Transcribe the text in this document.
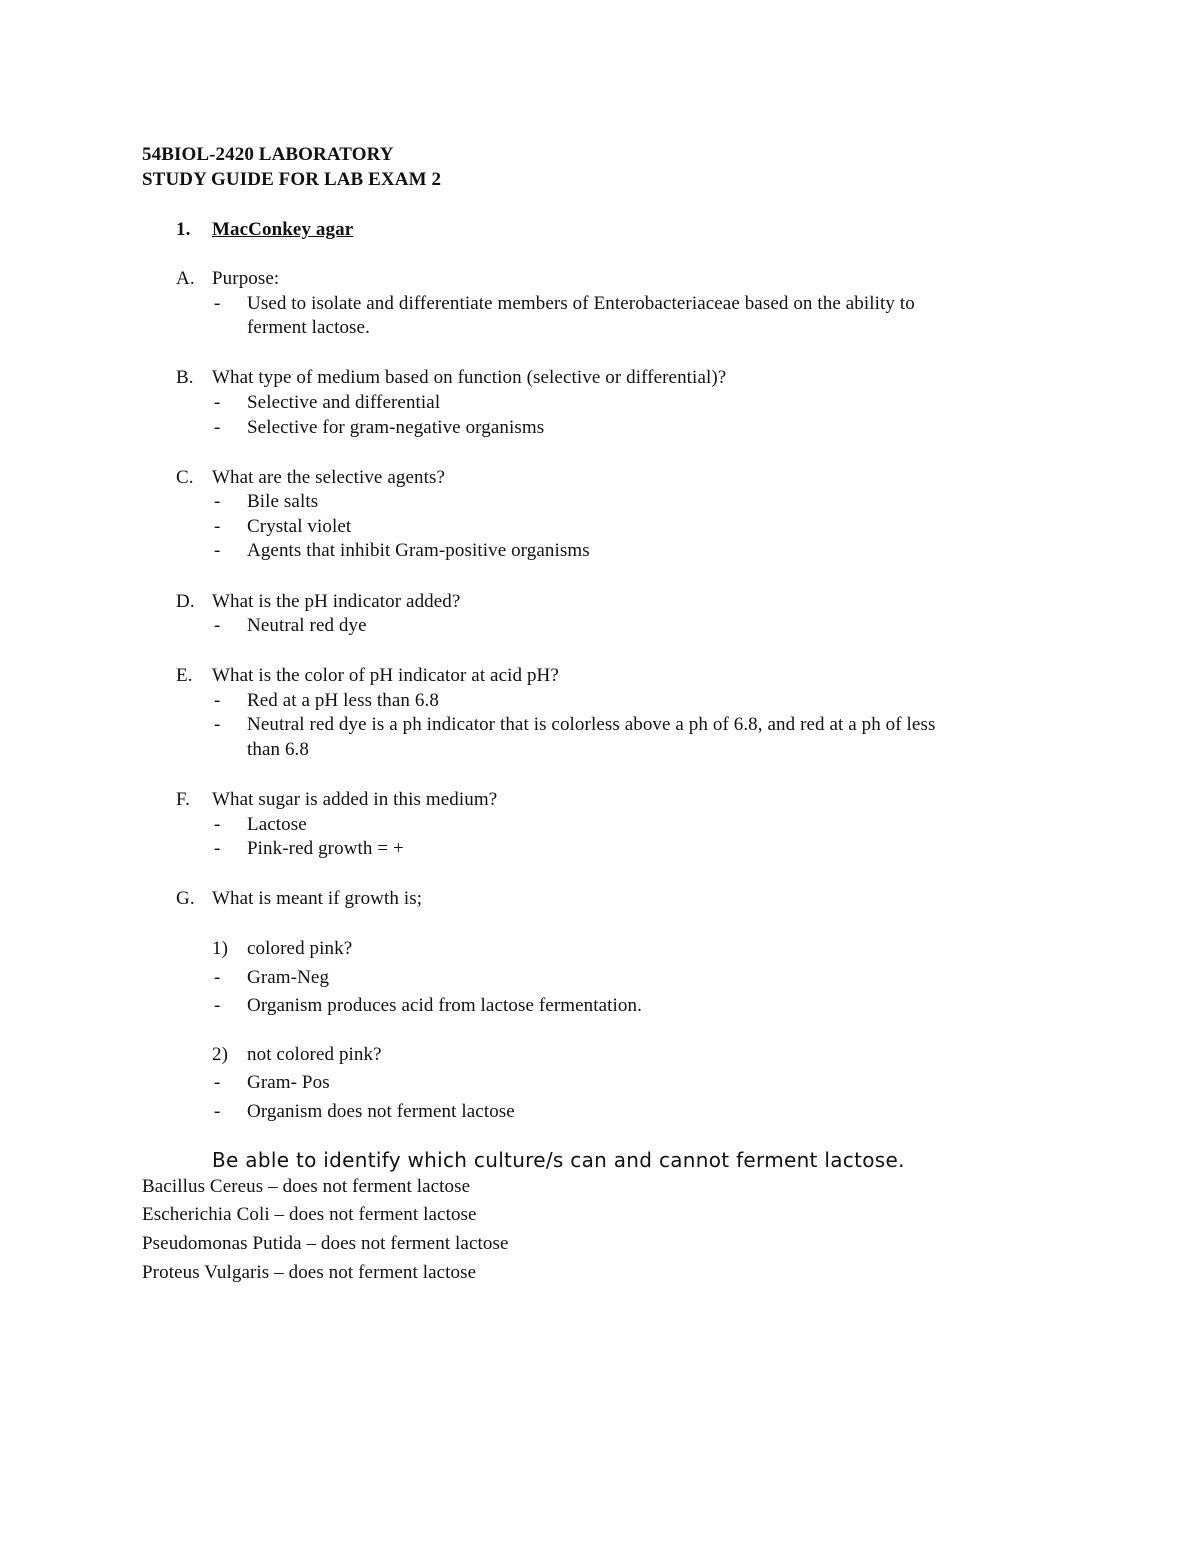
54BIOL-2420 LABORATORY
STUDY GUIDE FOR LAB EXAM 2
1. MacConkey agar
A. Purpose:
- Used to isolate and differentiate members of Enterobacteriaceae based on the ability to
ferment lactose.
B. What type of medium based on function (selective or differential)?
- Selective and differential
- Selective for gram-negative organisms
C. What are the selective agents?
- Bile salts
- Crystal violet
- Agents that inhibit Gram-positive organisms
D. What is the pH indicator added?
- Neutral red dye
E. What is the color of pH indicator at acid pH?
- Red at a pH less than 6.8
- Neutral red dye is a ph indicator that is colorless above a ph of 6.8, and red at a ph of less
than 6.8
F. What sugar is added in this medium?
- Lactose
- Pink-red growth = +
G. What is meant if growth is;
1) colored pink?
- Gram-Neg
- Organism produces acid from lactose fermentation.
2) not colored pink?
- Gram- Pos
- Organism does not ferment lactose
Be able to identify which culture/s can and cannot ferment lactose.
Bacillus Cereus – does not ferment lactose
Escherichia Coli – does not ferment lactose
Pseudomonas Putida – does not ferment lactose
Proteus Vulgaris – does not ferment lactose
